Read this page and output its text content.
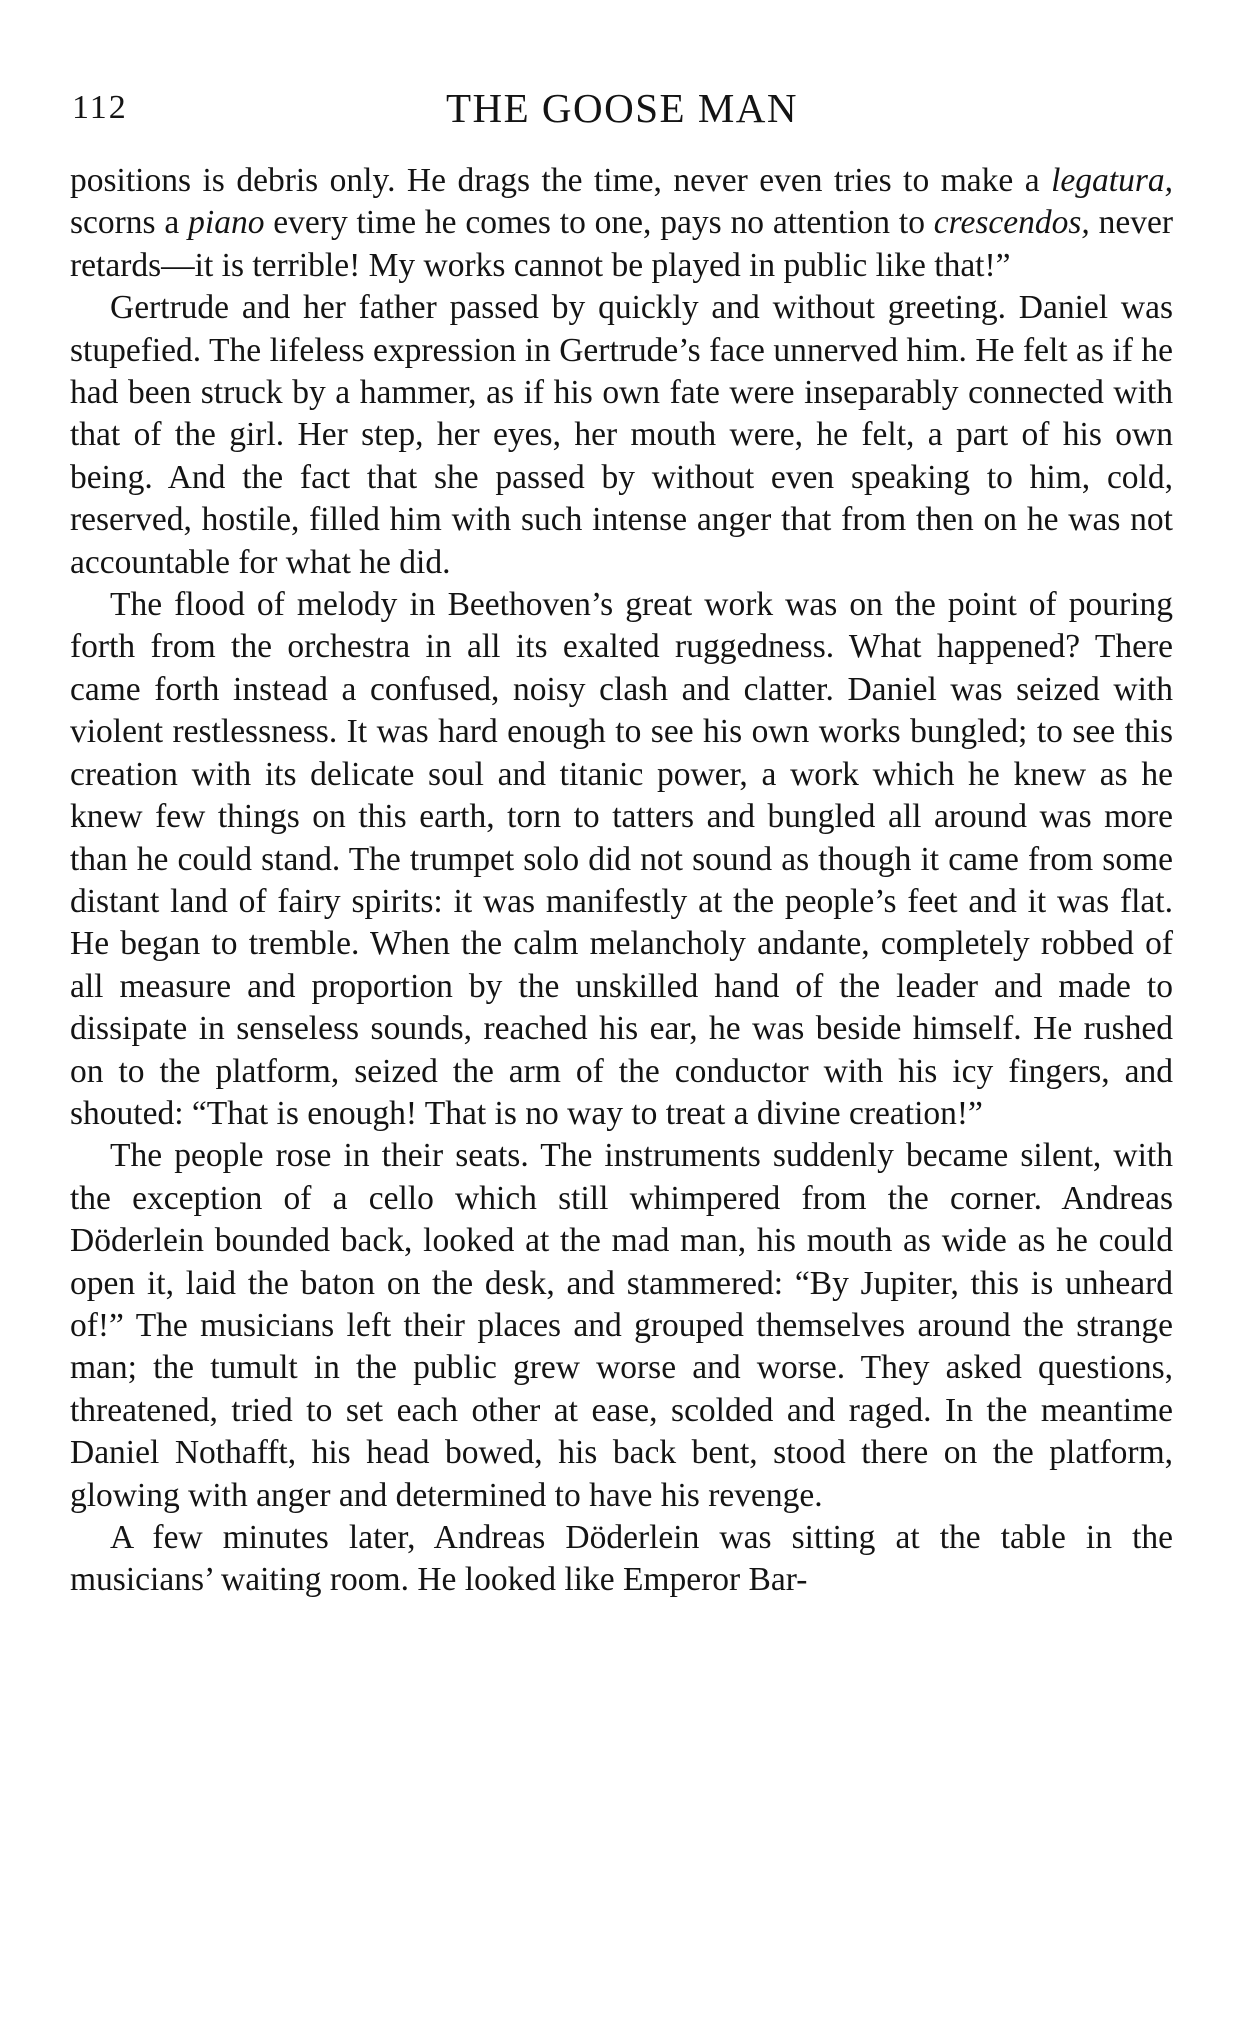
112	THE GOOSE MAN

positions is debris only. He drags the time, never even tries to make a legatura, scorns a piano every time he comes to one, pays no attention to crescendos, never retards—it is terrible! My works cannot be played in public like that!”

Gertrude and her father passed by quickly and without greeting. Daniel was stupefied. The lifeless expression in Gertrude’s face unnerved him. He felt as if he had been struck by a hammer, as if his own fate were inseparably connected with that of the girl. Her step, her eyes, her mouth were, he felt, a part of his own being. And the fact that she passed by without even speaking to him, cold, reserved, hostile, filled him with such intense anger that from then on he was not accountable for what he did.

The flood of melody in Beethoven’s great work was on the point of pouring forth from the orchestra in all its exalted ruggedness. What happened? There came forth instead a confused, noisy clash and clatter. Daniel was seized with violent restlessness. It was hard enough to see his own works bungled; to see this creation with its delicate soul and titanic power, a work which he knew as he knew few things on this earth, torn to tatters and bungled all around was more than he could stand. The trumpet solo did not sound as though it came from some distant land of fairy spirits: it was manifestly at the people’s feet and it was flat. He began to tremble. When the calm melancholy andante, completely robbed of all measure and proportion by the unskilled hand of the leader and made to dissipate in senseless sounds, reached his ear, he was beside himself. He rushed on to the platform, seized the arm of the conductor with his icy fingers, and shouted: “That is enough! That is no way to treat a divine creation!”

The people rose in their seats. The instruments suddenly became silent, with the exception of a cello which still whimpered from the corner. Andreas Döderlein bounded back, looked at the mad man, his mouth as wide as he could open it, laid the baton on the desk, and stammered: “By Jupiter, this is unheard of!” The musicians left their places and grouped themselves around the strange man; the tumult in the public grew worse and worse. They asked questions, threatened, tried to set each other at ease, scolded and raged. In the meantime Daniel Nothafft, his head bowed, his back bent, stood there on the platform, glowing with anger and determined to have his revenge.

A few minutes later, Andreas Döderlein was sitting at the table in the musicians’ waiting room. He looked like Emperor Bar-
